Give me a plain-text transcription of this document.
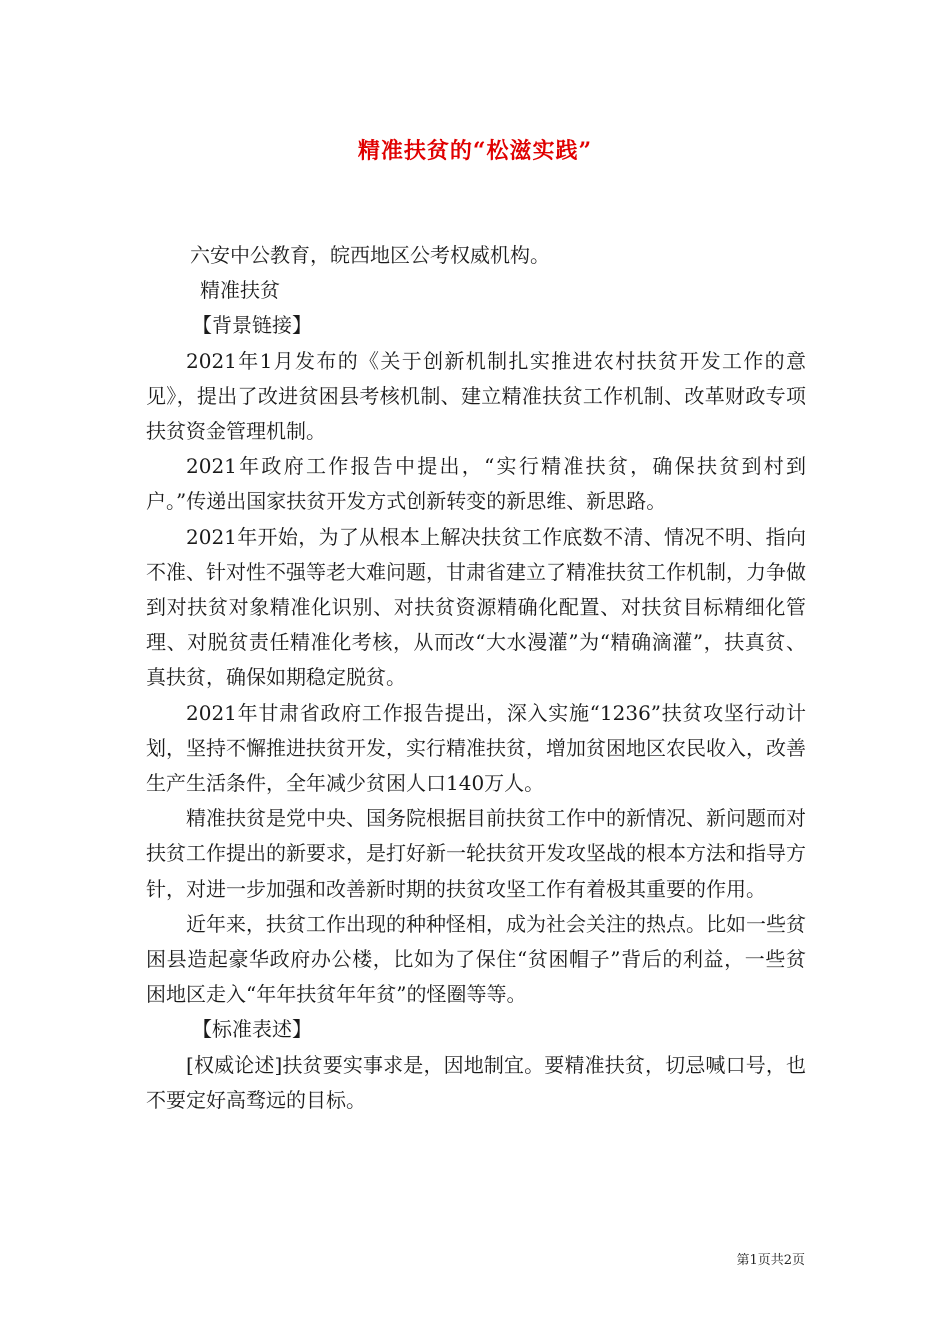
精准扶贫的“松滋实践”

六安中公教育，皖西地区公考权威机构。

精准扶贫

【背景链接】

2021年1月发布的《关于创新机制扎实推进农村扶贫开发工作的意见》，提出了改进贫困县考核机制、建立精准扶贫工作机制、改革财政专项扶贫资金管理机制。

2021年政府工作报告中提出，“实行精准扶贫，确保扶贫到村到户。”传递出国家扶贫开发方式创新转变的新思维、新思路。

2021年开始，为了从根本上解决扶贫工作底数不清、情况不明、指向不准、针对性不强等老大难问题，甘肃省建立了精准扶贫工作机制，力争做到对扶贫对象精准化识别、对扶贫资源精确化配置、对扶贫目标精细化管理、对脱贫责任精准化考核，从而改“大水漫灌”为“精确滴灌”，扶真贫、真扶贫，确保如期稳定脱贫。

2021年甘肃省政府工作报告提出，深入实施“1236”扶贫攻坚行动计划，坚持不懈推进扶贫开发，实行精准扶贫，增加贫困地区农民收入，改善生产生活条件，全年减少贫困人口140万人。

精准扶贫是党中央、国务院根据目前扶贫工作中的新情况、新问题而对扶贫工作提出的新要求，是打好新一轮扶贫开发攻坚战的根本方法和指导方针，对进一步加强和改善新时期的扶贫攻坚工作有着极其重要的作用。

近年来，扶贫工作出现的种种怪相，成为社会关注的热点。比如一些贫困县造起豪华政府办公楼，比如为了保住“贫困帽子”背后的利益，一些贫困地区走入“年年扶贫年年贫”的怪圈等等。

【标准表述】

[权威论述]扶贫要实事求是，因地制宜。要精准扶贫，切忌喊口号，也不要定好高骛远的目标。

第1页共2页
